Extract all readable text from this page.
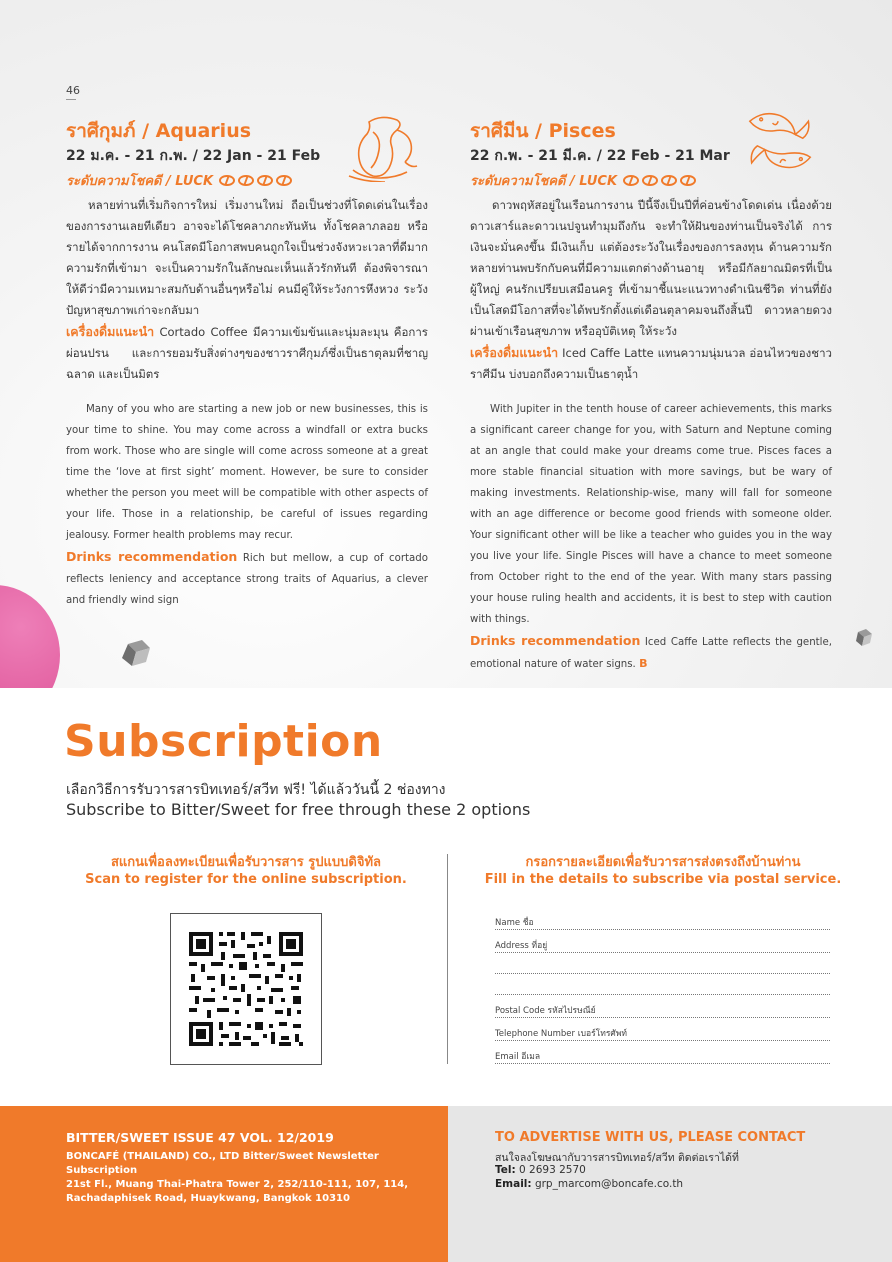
46
ราศีกุมภ์ / Aquarius
22 ม.ค. - 21 ก.พ. / 22 Jan - 21 Feb
ระดับความโชคดี / LUCK
หลายท่านที่เริ่มกิจการใหม่ เริ่มงานใหม่ ถือเป็นช่วงที่โดดเด่นในเรื่องของการงานเลยทีเดียว อาจจะได้โชคลาภกะทันหัน ทั้งโชคลาภลอย หรือรายได้จากการงาน คนโสดมีโอกาสพบคนถูกใจเป็นช่วงจังหวะเวลาที่ดีมาก ความรักที่เข้ามา จะเป็นความรักในลักษณะเห็นแล้วรักทันที ต้องพิจารณาให้ดีว่ามีความเหมาะสมกับด้านอื่นๆหรือไม่ คนมีคู่ให้ระวังการหึงหวง ระวังปัญหาสุขภาพเก่าจะกลับมา
เครื่องดื่มแนะนำ Cortado Coffee มีความเข้มข้นและนุ่มละมุน คือการผ่อนปรน และการยอมรับสิ่งต่างๆของชาวราศีกุมภ์ซึ่งเป็นธาตุลมที่ชาญฉลาด และเป็นมิตร
Many of you who are starting a new job or new businesses, this is your time to shine. You may come across a windfall or extra bucks from work. Those who are single will come across someone at a great time the ‘love at first sight’ moment. However, be sure to consider whether the person you meet will be compatible with other aspects of your life. Those in a relationship, be careful of issues regarding jealousy. Former health problems may recur.
Drinks recommendation Rich but mellow, a cup of cortado reflects leniency and acceptance strong traits of Aquarius, a clever and friendly wind sign
ราศีมีน / Pisces
22 ก.พ. - 21 มี.ค. / 22 Feb - 21 Mar
ระดับความโชคดี / LUCK
ดาวพฤหัสอยู่ในเรือนการงาน ปีนี้จึงเป็นปีที่ค่อนข้างโดดเด่น เนื่องด้วยดาวเสาร์และดาวเนปจูนทำมุมถึงกัน จะทำให้ฝันของท่านเป็นจริงได้ การเงินจะมั่นคงขึ้น มีเงินเก็บ แต่ต้องระวังในเรื่องของการลงทุน ด้านความรัก หลายท่านพบรักกับคนที่มีความแตกต่างด้านอายุ หรือมีกัลยาณมิตรที่เป็นผู้ใหญ่ คนรักเปรียบเสมือนครู ที่เข้ามาชี้แนะแนวทางดำเนินชีวิต ท่านที่ยังเป็นโสดมีโอกาสที่จะได้พบรักตั้งแต่เดือนตุลาคมจนถึงสิ้นปี ดาวหลายดวงผ่านเข้าเรือนสุขภาพ หรืออุบัติเหตุ ให้ระวัง
เครื่องดื่มแนะนำ Iced Caffe Latte แทนความนุ่มนวล อ่อนไหวของชาวราศีมีน บ่งบอกถึงความเป็นธาตุน้ำ
With Jupiter in the tenth house of career achievements, this marks a significant career change for you, with Saturn and Neptune coming at an angle that could make your dreams come true. Pisces faces a more stable financial situation with more savings, but be wary of making investments. Relationship-wise, many will fall for someone with an age difference or become good friends with someone older. Your significant other will be like a teacher who guides you in the way you live your life. Single Pisces will have a chance to meet someone from October right to the end of the year. With many stars passing your house ruling health and accidents, it is best to step with caution with things.
Drinks recommendation Iced Caffe Latte reflects the gentle, emotional nature of water signs. B
Subscription
เลือกวิธีการรับวารสารบิทเทอร์/สวีท ฟรี! ได้แล้ววันนี้ 2 ช่องทาง
Subscribe to Bitter/Sweet for free through these 2 options
สแกนเพื่อลงทะเบียนเพื่อรับวารสาร รูปแบบดิจิทัล
Scan to register for the online subscription.
กรอกรายละเอียดเพื่อรับวารสารส่งตรงถึงบ้านท่าน
Fill in the details to subscribe via postal service.
Name ชื่อ
Address ที่อยู่
Postal Code รหัสไปรษณีย์
Telephone Number เบอร์โทรศัพท์
Email อีเมล
BITTER/SWEET ISSUE 47 VOL. 12/2019
BONCAFÉ (THAILAND) CO., LTD Bitter/Sweet Newsletter Subscription
21st Fl., Muang Thai-Phatra Tower 2, 252/110-111, 107, 114,
Rachadaphisek Road, Huaykwang, Bangkok 10310
TO ADVERTISE WITH US, PLEASE CONTACT
สนใจลงโฆษณากับวารสารบิทเทอร์/สวีท ติดต่อเราได้ที่
Tel: 0 2693 2570
Email: grp_marcom@boncafe.co.th
